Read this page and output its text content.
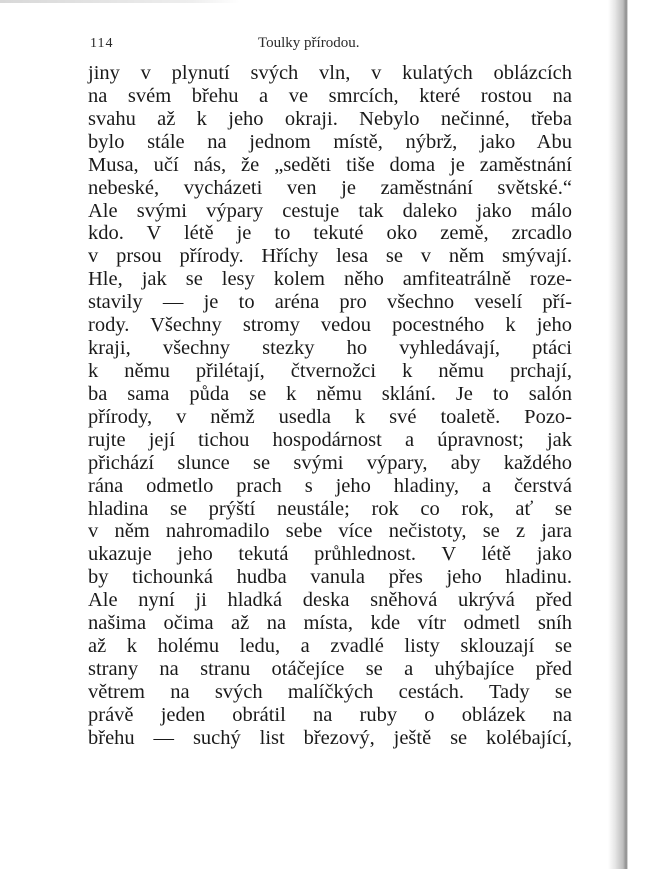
114	Toulky přírodou.
jiny v plynutí svých vln, v kulatých oblázcích
na svém břehu a ve smrcích, které rostou na
svahu až k jeho okraji. Nebylo nečinné, třeba
bylo stále na jednom místě, nýbrž, jako Abu
Musa, učí nás, že „seděti tiše doma je zaměstnání
nebeské, vycházeti ven je zaměstnání světské.“
Ale svými výpary cestuje tak daleko jako málo
kdo. V létě je to tekuté oko země, zrcadlo
v prsou přírody. Hříchy lesa se v něm smývají.
Hle, jak se lesy kolem něho amfiteatrálně roze-
stavily — je to aréna pro všechno veselí pří-
rody. Všechny stromy vedou pocestného k jeho
kraji, všechny stezky ho vyhledávají, ptáci
k němu přilétají, čtvernožci k němu prchají,
ba sama půda se k němu sklání. Je to salón
přírody, v němž usedla k své toaletě. Pozo-
rujte její tichou hospodárnost a úpravnost; jak
přichází slunce se svými výpary, aby každého
rána odmetlo prach s jeho hladiny, a čerstvá
hladina se prýští neustále; rok co rok, ať se
v něm nahromadilo sebe více nečistoty, se z jara
ukazuje jeho tekutá průhlednost. V létě jako
by tichounká hudba vanula přes jeho hladinu.
Ale nyní ji hladká deska sněhová ukrývá před
našima očima až na místa, kde vítr odmetl sníh
až k holému ledu, a zvadlé listy sklouzají se
strany na stranu otáčejíce se a uhýbajíce před
větrem na svých malíčkých cestách. Tady se
právě jeden obrátil na ruby o oblázek na
břehu — suchý list březový, ještě se kolébající,
